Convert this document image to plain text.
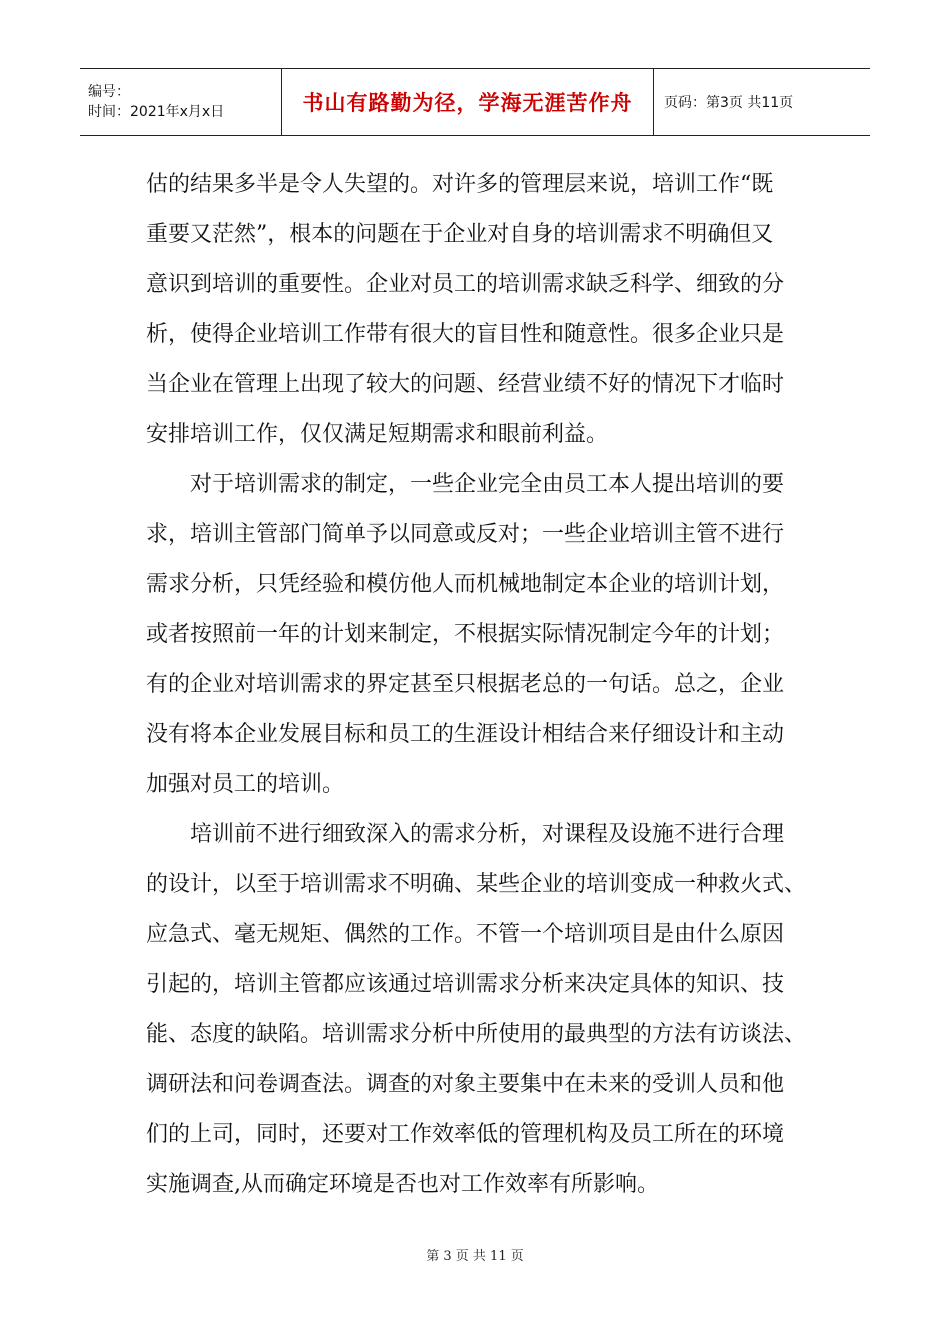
编号：
时间：2021年x月x日	书山有路勤为径，学海无涯苦作舟 页码：第3页 共11页
估的结果多半是令人失望的。对许多的管理层来说，培训工作“既
重要又茫然”，根本的问题在于企业对自身的培训需求不明确但又
意识到培训的重要性。企业对员工的培训需求缺乏科学、细致的分
析，使得企业培训工作带有很大的盲目性和随意性。很多企业只是
当企业在管理上出现了较大的问题、经营业绩不好的情况下才临时
安排培训工作，仅仅满足短期需求和眼前利益。
　　对于培训需求的制定，一些企业完全由员工本人提出培训的要
求，培训主管部门简单予以同意或反对；一些企业培训主管不进行
需求分析，只凭经验和模仿他人而机械地制定本企业的培训计划，
或者按照前一年的计划来制定，不根据实际情况制定今年的计划；
有的企业对培训需求的界定甚至只根据老总的一句话。总之，企业
没有将本企业发展目标和员工的生涯设计相结合来仔细设计和主动
加强对员工的培训。
　　培训前不进行细致深入的需求分析，对课程及设施不进行合理
的设计，以至于培训需求不明确、某些企业的培训变成一种救火式、
应急式、毫无规矩、偶然的工作。不管一个培训项目是由什么原因
引起的，培训主管都应该通过培训需求分析来决定具体的知识、技
能、态度的缺陷。培训需求分析中所使用的最典型的方法有访谈法、
调研法和问卷调查法。调查的对象主要集中在未来的受训人员和他
们的上司，同时，还要对工作效率低的管理机构及员工所在的环境
实施调查,从而确定环境是否也对工作效率有所影响。
第 3 页 共 11 页
